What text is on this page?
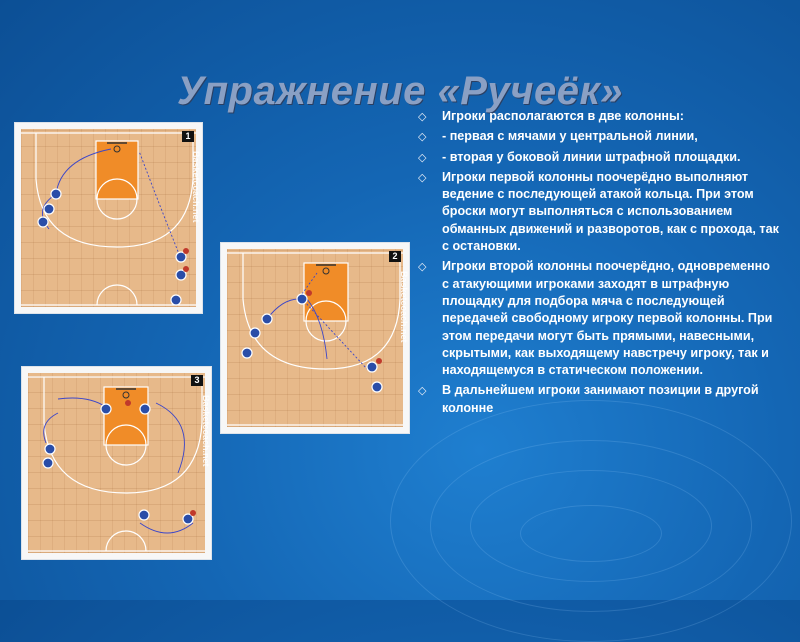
Упражнение «Ручеёк»
1
Basketcoach.net
2
Basketcoach.net
3
Basketcoach.net
◇ Игроки располагаются в две колонны:
◇ - первая с мячами у центральной линии,
◇ - вторая у боковой линии штрафной площадки.
◇ Игроки первой колонны поочерёдно выполняют ведение с последующей атакой кольца. При этом броски могут выполняться с использованием обманных движений и разворотов, как с прохода, так с остановки.
◇ Игроки второй колонны поочерёдно, одновременно с атакующими игроками заходят в штрафную площадку для подбора мяча с последующей передачей свободному игроку первой колонны. При этом передачи могут быть прямыми, навесными, скрытыми, как выходящему навстречу игроку, так и находящемуся в статическом положении.
◇ В дальнейшем игроки занимают позиции в другой колонне
